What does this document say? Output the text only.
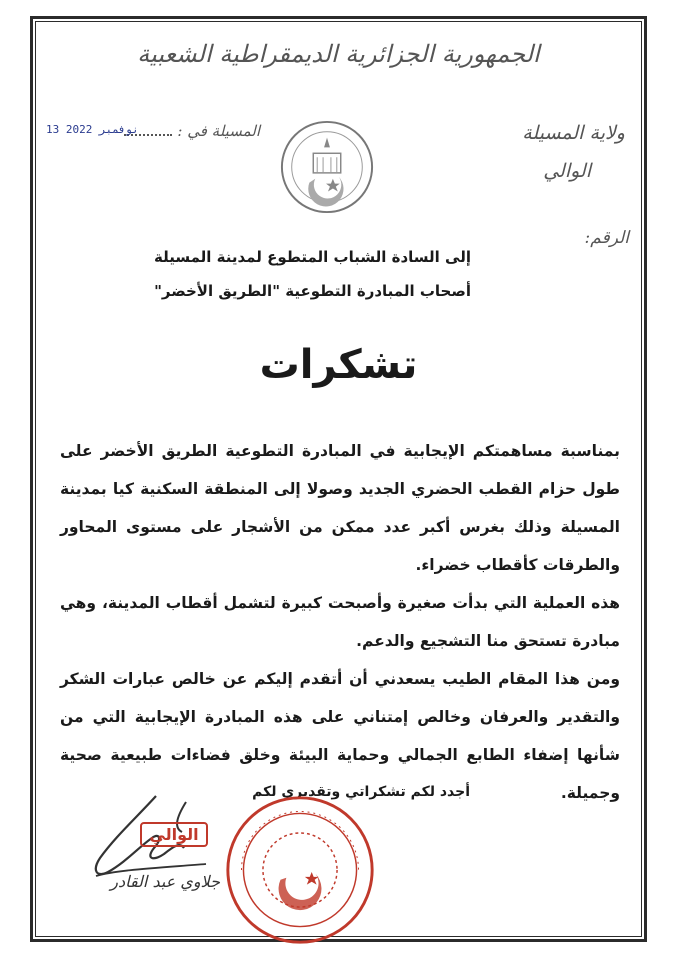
الجمهورية الجزائرية الديمقراطية الشعبية
ولاية المسيلة
الوالي
الرقم:
المسيلة في :
13 نوفمبر 2022
إلى السادة الشباب المتطوع لمدينة المسيلة
أصحاب المبادرة التطوعية "الطريق الأخضر"
تشكرات

بمناسبة مساهمتكم الإيجابية في المبادرة التطوعية الطريق الأخضر على طول حزام القطب الحضري الجديد وصولا إلى المنطقة السكنية كيا بمدينة المسيلة وذلك بغرس أكبر عدد ممكن من الأشجار على مستوى المحاور والطرقات كأقطاب خضراء.

هذه العملية التي بدأت صغيرة وأصبحت كبيرة لتشمل أقطاب المدينة، وهي مبادرة تستحق منا التشجيع والدعم.

ومن هذا المقام الطيب يسعدني أن أتقدم إليكم عن خالص عبارات الشكر والتقدير والعرفان وخالص إمتناني على هذه المبادرة الإيجابية التي من شأنها إضفاء الطابع الجمالي وحماية البيئة وخلق فضاءات طبيعية صحية وجميلة.

أجدد لكم تشكراتي وتقديري لكم
الوالي
جلاوي عبد القادر
